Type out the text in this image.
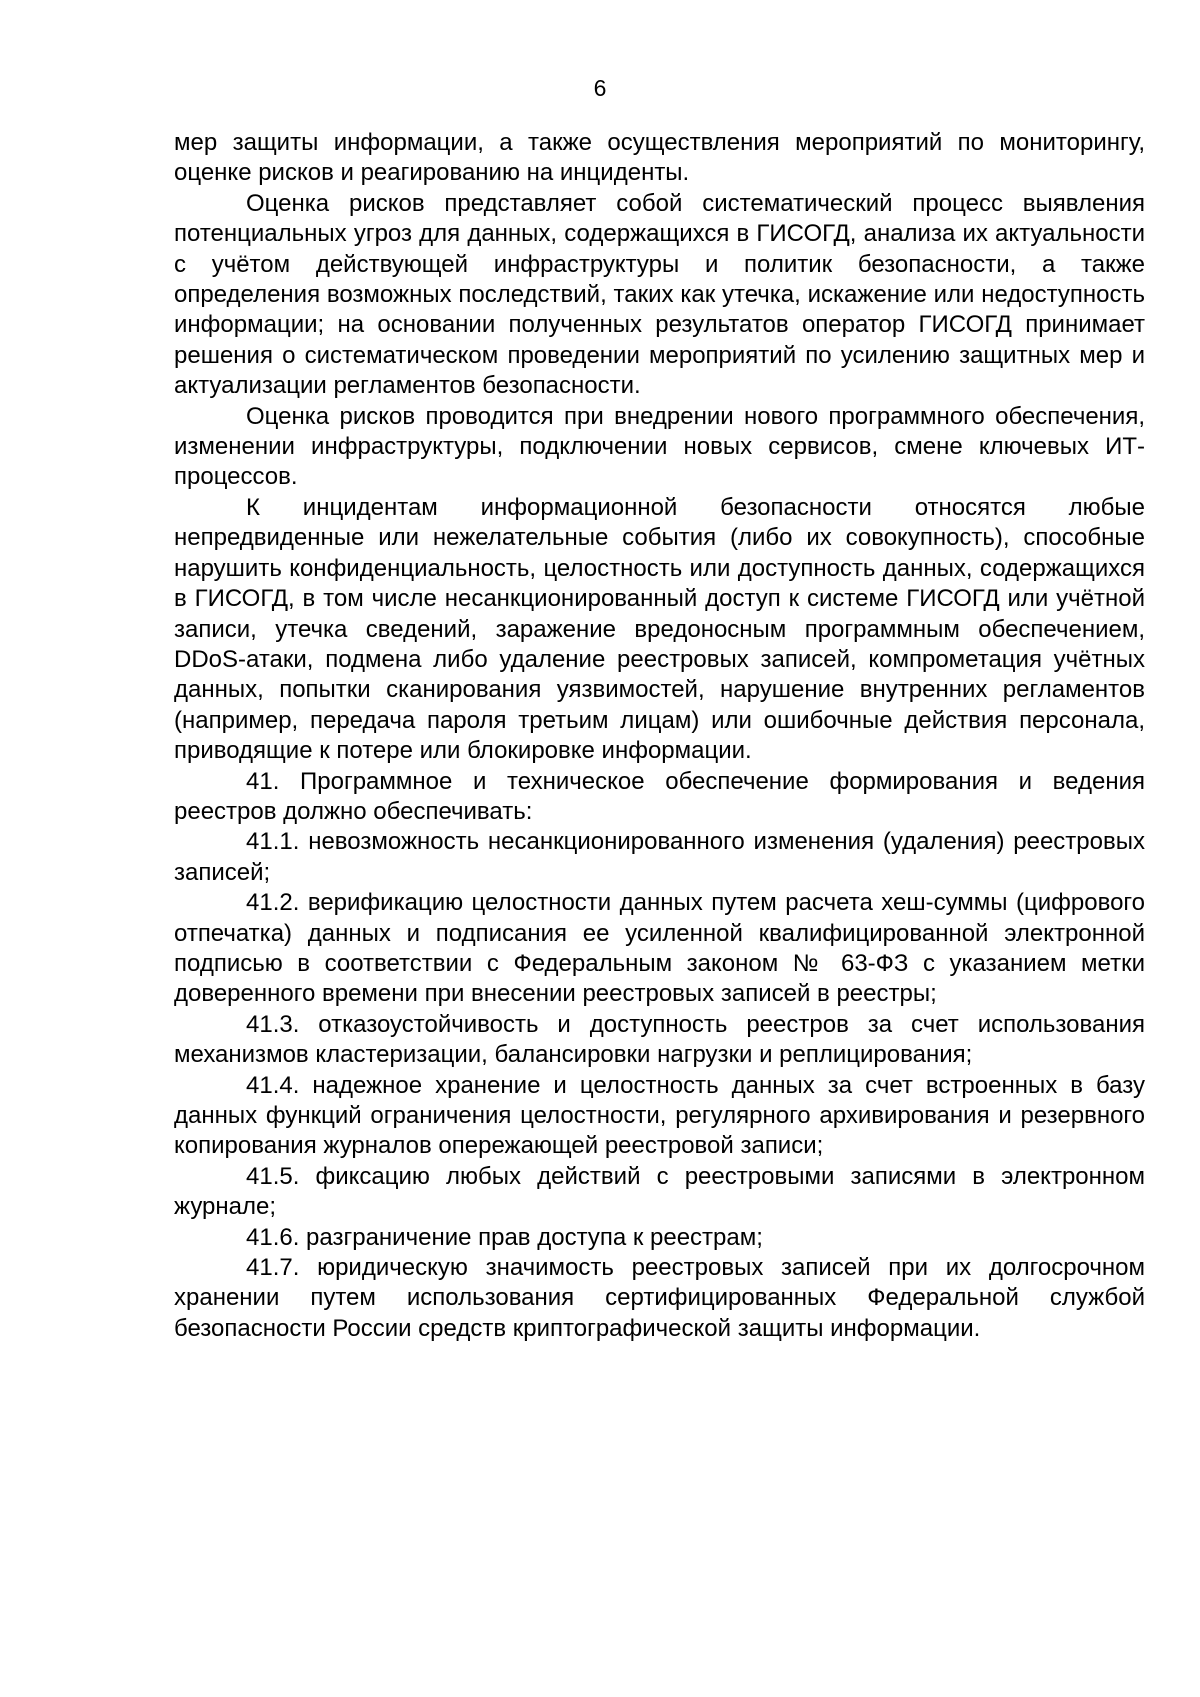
6

мер защиты информации, а также осуществления мероприятий по мониторингу, оценке рисков и реагированию на инциденты.

Оценка рисков представляет собой систематический процесс выявления потенциальных угроз для данных, содержащихся в ГИСОГД, анализа их актуальности с учётом действующей инфраструктуры и политик безопасности, а также определения возможных последствий, таких как утечка, искажение или недоступность информации; на основании полученных результатов оператор ГИСОГД принимает решения о систематическом проведении мероприятий по усилению защитных мер и актуализации регламентов безопасности.

Оценка рисков проводится при внедрении нового программного обеспечения, изменении инфраструктуры, подключении новых сервисов, смене ключевых ИТ-процессов.

К инцидентам информационной безопасности относятся любые непредвиденные или нежелательные события (либо их совокупность), способные нарушить конфиденциальность, целостность или доступность данных, содержащихся в ГИСОГД, в том числе несанкционированный доступ к системе ГИСОГД или учётной записи, утечка сведений, заражение вредоносным программным обеспечением, DDoS-атаки, подмена либо удаление реестровых записей, компрометация учётных данных, попытки сканирования уязвимостей, нарушение внутренних регламентов (например, передача пароля третьим лицам) или ошибочные действия персонала, приводящие к потере или блокировке информации.

41. Программное и техническое обеспечение формирования и ведения реестров должно обеспечивать:

41.1. невозможность несанкционированного изменения (удаления) реестровых записей;

41.2. верификацию целостности данных путем расчета хеш-суммы (цифрового отпечатка) данных и подписания ее усиленной квалифицированной электронной подписью в соответствии с Федеральным законом № 63-ФЗ с указанием метки доверенного времени при внесении реестровых записей в реестры;

41.3. отказоустойчивость и доступность реестров за счет использования механизмов кластеризации, балансировки нагрузки и реплицирования;

41.4. надежное хранение и целостность данных за счет встроенных в базу данных функций ограничения целостности, регулярного архивирования и резервного копирования журналов опережающей реестровой записи;

41.5. фиксацию любых действий с реестровыми записями в электронном журнале;

41.6. разграничение прав доступа к реестрам;

41.7. юридическую значимость реестровых записей при их долгосрочном хранении путем использования сертифицированных Федеральной службой безопасности России средств криптографической защиты информации.
